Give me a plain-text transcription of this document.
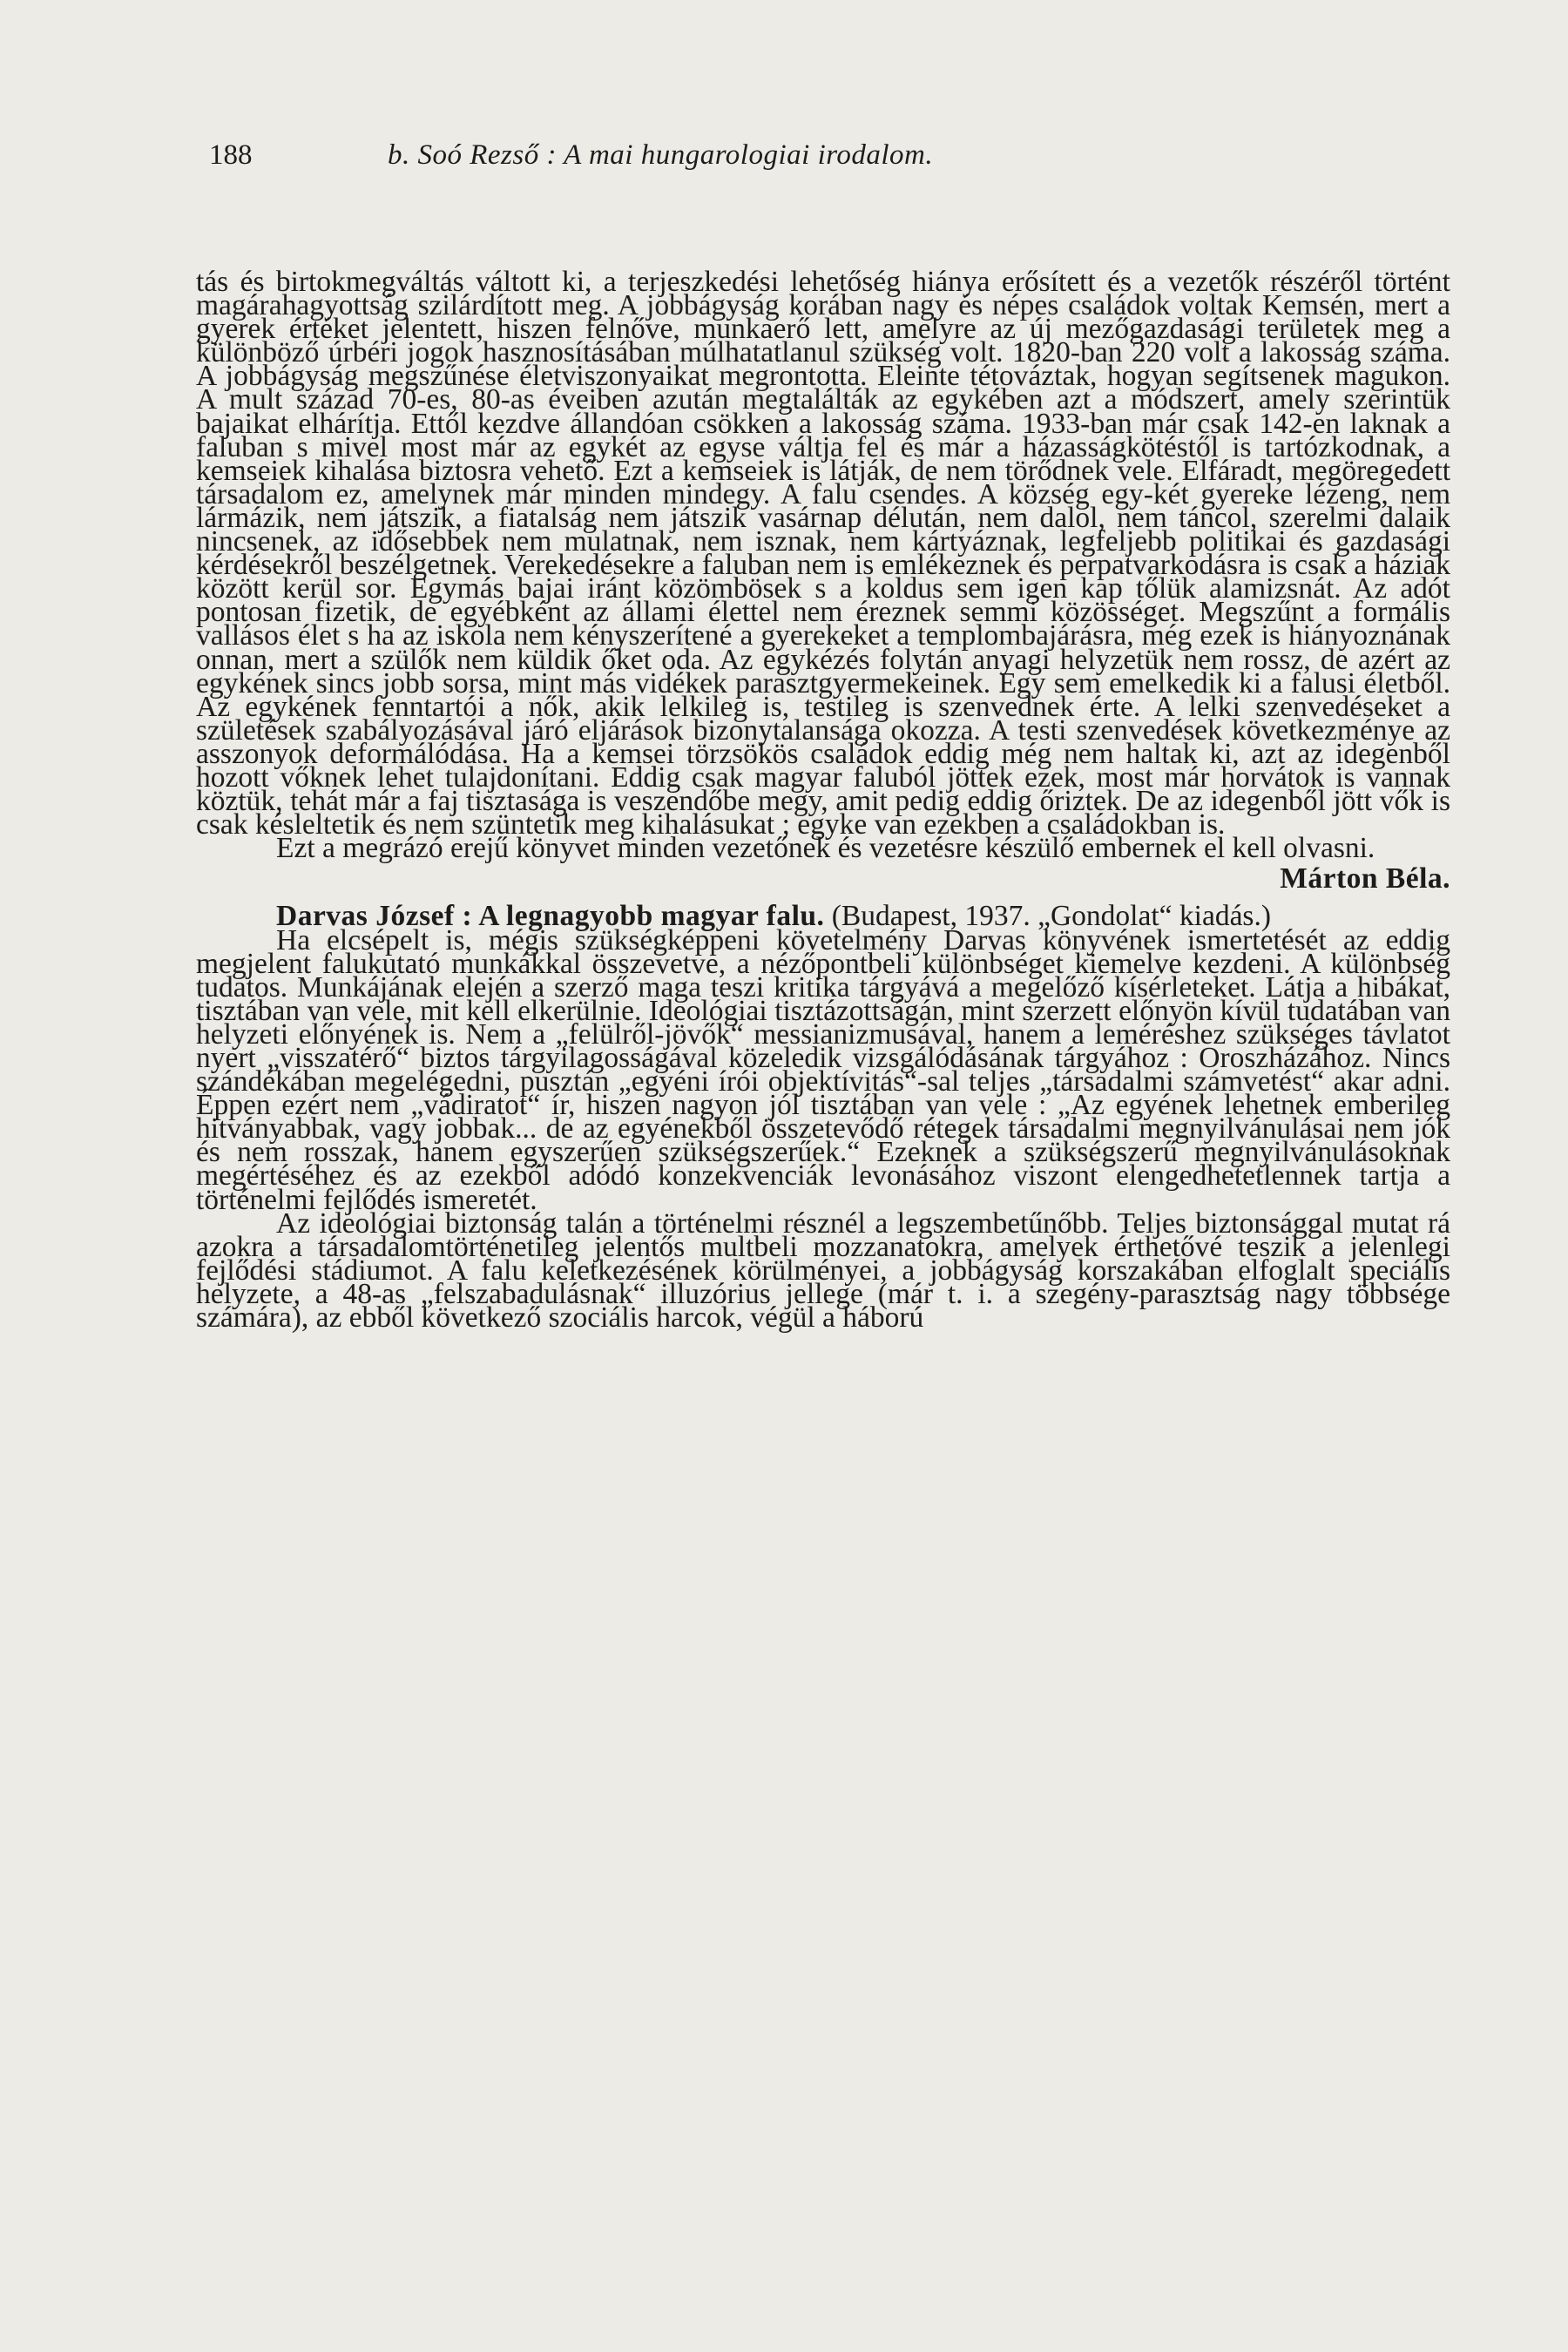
188	b. Soó Rezső : A mai hungarologiai irodalom.

tás és birtokmegváltás váltott ki, a terjeszkedési lehetőség hiánya erősített és a vezetők részéről történt magárahagyottság szilárdított meg. A jobbágyság korában nagy és népes családok voltak Kemsén, mert a gyerek értéket jelentett, hiszen felnőve, munkaerő lett, amelyre az új mezőgazdasági területek meg a különböző úrbéri jogok hasznosításában múlhatatlanul szükség volt. 1820-ban 220 volt a lakosság száma. A jobbágyság megszűnése életviszonyaikat megrontotta. Eleinte tétováztak, hogyan segítsenek magukon. A mult század 70-es, 80-as éveiben azután megtalálták az egykében azt a módszert, amely szerintük bajaikat elhárítja. Ettől kezdve állandóan csökken a lakosság száma. 1933-ban már csak 142-en laknak a faluban s mivel most már az egykét az egyse váltja fel és már a házasságkötéstől is tartózkodnak, a kemseiek kihalása biztosra vehető. Ezt a kemseiek is látják, de nem törődnek vele. Elfáradt, megöregedett társadalom ez, amelynek már minden mindegy. A falu csendes. A község egy-két gyereke lézeng, nem lármázik, nem játszik, a fiatalság nem játszik vasárnap délután, nem dalol, nem táncol, szerelmi dalaik nincsenek, az idősebbek nem mulatnak, nem isznak, nem kártyáznak, legfeljebb politikai és gazdasági kérdésekről beszélgetnek. Verekedésekre a faluban nem is emlékeznek és perpatvarkodásra is csak a háziak között kerül sor. Egymás bajai iránt közömbösek s a koldus sem igen kap tőlük alamizsnát. Az adót pontosan fizetik, de egyébként az állami élettel nem éreznek semmi közösséget. Megszűnt a formális vallásos élet s ha az iskola nem kényszerítené a gyerekeket a templombajárásra, még ezek is hiányoznának onnan, mert a szülők nem küldik őket oda. Az egykézés folytán anyagi helyzetük nem rossz, de azért az egykének sincs jobb sorsa, mint más vidékek parasztgyermekeinek. Egy sem emelkedik ki a falusi életből. Az egykének fenntartói a nők, akik lelkileg is, testileg is szenvednek érte. A lelki szenvedéseket a születések szabályozásával járó eljárások bizonytalansága okozza. A testi szenvedések következménye az asszonyok deformálódása. Ha a kemsei törzsökös családok eddig még nem haltak ki, azt az idegenből hozott vőknek lehet tulajdonítani. Eddig csak magyar faluból jöttek ezek, most már horvátok is vannak köztük, tehát már a faj tisztasága is veszendőbe megy, amit pedig eddig őriztek. De az idegenből jött vők is csak késleltetik és nem szüntetik meg kihalásukat ; egyke van ezekben a családokban is.

Ezt a megrázó erejű könyvet minden vezetőnek és vezetésre készülő embernek el kell olvasni.

Márton Béla.

Darvas József : A legnagyobb magyar falu. (Budapest, 1937. „Gondolat“ kiadás.)

Ha elcsépelt is, mégis szükségképpeni követelmény Darvas könyvének ismertetését az eddig megjelent falukutató munkákkal összevetve, a nézőpontbeli különbséget kiemelve kezdeni. A különbség tudatos. Munkájának elején a szerző maga teszi kritika tárgyává a megelőző kísérleteket. Látja a hibákat, tisztában van vele, mit kell elkerülnie. Ideológiai tisztázottságán, mint szerzett előnyön kívül tudatában van helyzeti előnyének is. Nem a „felülről-jövők“ messianizmusával, hanem a leméréshez szükséges távlatot nyert „visszatérő“ biztos tárgyilagosságával közeledik vizsgálódásának tárgyához : Oroszházához. Nincs szándékában megelégedni, pusztán „egyéni írói objektívitás“-sal teljes „társadalmi számvetést“ akar adni. Éppen ezért nem „vádiratot“ ír, hiszen nagyon jól tisztában van vele : „Az egyének lehetnek emberileg hitványabbak, vagy jobbak... de az egyénekből összetevődő rétegek társadalmi megnyilvánulásai nem jók és nem rosszak, hanem egyszerűen szükségszerűek.“ Ezeknek a szükségszerű megnyilvánulásoknak megértéséhez és az ezekből adódó konzekvenciák levonásához viszont elengedhetetlennek tartja a történelmi fejlődés ismeretét.

Az ideológiai biztonság talán a történelmi résznél a legszembetűnőbb. Teljes biztonsággal mutat rá azokra a társadalomtörténetileg jelentős multbeli mozzanatokra, amelyek érthetővé teszik a jelenlegi fejlődési stádiumot. A falu keletkezésének körülményei, a jobbágyság korszakában elfoglalt speciális helyzete, a 48-as „felszabadulásnak“ illuzórius jellege (már t. i. a szegény-parasztság nagy többsége számára), az ebből következő szociális harcok, végül a háború
